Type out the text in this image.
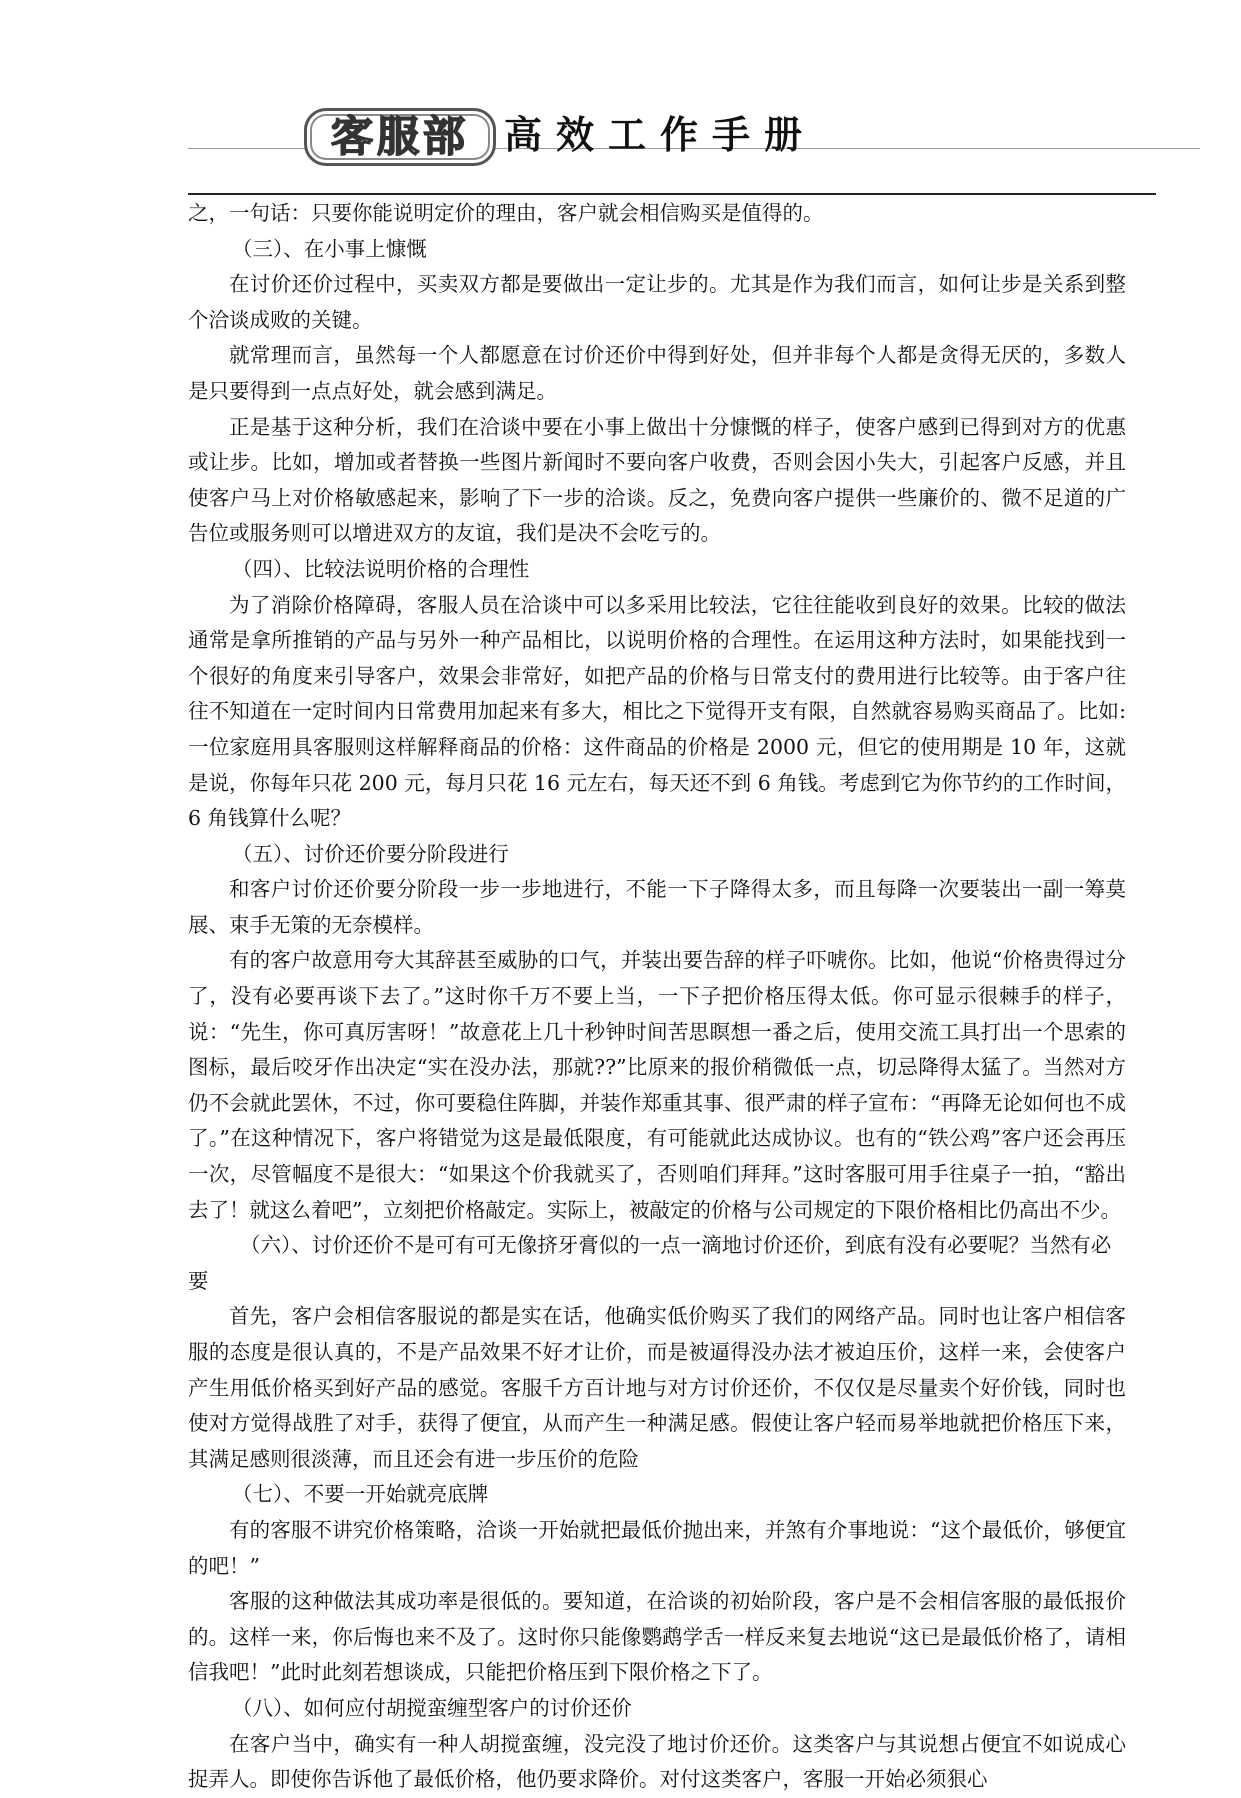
客服部 高效工作手册

之，一句话：只要你能说明定价的理由，客户就会相信购买是值得的。

（三）、在小事上慷慨

在讨价还价过程中，买卖双方都是要做出一定让步的。尤其是作为我们而言，如何让步是关系到整个洽谈成败的关键。

就常理而言，虽然每一个人都愿意在讨价还价中得到好处，但并非每个人都是贪得无厌的，多数人是只要得到一点点好处，就会感到满足。

正是基于这种分析，我们在洽谈中要在小事上做出十分慷慨的样子，使客户感到已得到对方的优惠或让步。比如，增加或者替换一些图片新闻时不要向客户收费，否则会因小失大，引起客户反感，并且使客户马上对价格敏感起来，影响了下一步的洽谈。反之，免费向客户提供一些廉价的、微不足道的广告位或服务则可以增进双方的友谊，我们是决不会吃亏的。

（四）、比较法说明价格的合理性

为了消除价格障碍，客服人员在洽谈中可以多采用比较法，它往往能收到良好的效果。比较的做法通常是拿所推销的产品与另外一种产品相比，以说明价格的合理性。在运用这种方法时，如果能找到一个很好的角度来引导客户，效果会非常好，如把产品的价格与日常支付的费用进行比较等。由于客户往往不知道在一定时间内日常费用加起来有多大，相比之下觉得开支有限，自然就容易购买商品了。比如:一位家庭用具客服则这样解释商品的价格：这件商品的价格是 2000 元，但它的使用期是 10 年，这就是说，你每年只花 200 元，每月只花 16 元左右，每天还不到 6 角钱。考虑到它为你节约的工作时间，6 角钱算什么呢？

（五）、讨价还价要分阶段进行

和客户讨价还价要分阶段一步一步地进行，不能一下子降得太多，而且每降一次要装出一副一筹莫展、束手无策的无奈模样。

有的客户故意用夸大其辞甚至威胁的口气，并装出要告辞的样子吓唬你。比如，他说“价格贵得过分了，没有必要再谈下去了。”这时你千万不要上当，一下子把价格压得太低。你可显示很棘手的样子，说：“先生，你可真厉害呀！”故意花上几十秒钟时间苦思瞑想一番之后，使用交流工具打出一个思索的图标，最后咬牙作出决定“实在没办法，那就??”比原来的报价稍微低一点，切忌降得太猛了。当然对方仍不会就此罢休，不过，你可要稳住阵脚，并装作郑重其事、很严肃的样子宣布：“再降无论如何也不成了。”在这种情况下，客户将错觉为这是最低限度，有可能就此达成协议。也有的“铁公鸡”客户还会再压一次，尽管幅度不是很大：“如果这个价我就买了，否则咱们拜拜。”这时客服可用手往桌子一拍，“豁出去了！就这么着吧”，立刻把价格敲定。实际上，被敲定的价格与公司规定的下限价格相比仍高出不少。

（六）、讨价还价不是可有可无像挤牙膏似的一点一滴地讨价还价，到底有没有必要呢？当然有必要

首先，客户会相信客服说的都是实在话，他确实低价购买了我们的网络产品。同时也让客户相信客服的态度是很认真的，不是产品效果不好才让价，而是被逼得没办法才被迫压价，这样一来，会使客户产生用低价格买到好产品的感觉。客服千方百计地与对方讨价还价，不仅仅是尽量卖个好价钱，同时也使对方觉得战胜了对手，获得了便宜，从而产生一种满足感。假使让客户轻而易举地就把价格压下来，其满足感则很淡薄，而且还会有进一步压价的危险

（七）、不要一开始就亮底牌

有的客服不讲究价格策略，洽谈一开始就把最低价抛出来，并煞有介事地说：“这个最低价，够便宜的吧！”

客服的这种做法其成功率是很低的。要知道，在洽谈的初始阶段，客户是不会相信客服的最低报价的。这样一来，你后悔也来不及了。这时你只能像鹦鹉学舌一样反来复去地说“这已是最低价格了，请相信我吧！”此时此刻若想谈成，只能把价格压到下限价格之下了。

（八）、如何应付胡搅蛮缠型客户的讨价还价

在客户当中，确实有一种人胡搅蛮缠，没完没了地讨价还价。这类客户与其说想占便宜不如说成心捉弄人。即使你告诉他了最低价格，他仍要求降价。对付这类客户，客服一开始必须狠心
